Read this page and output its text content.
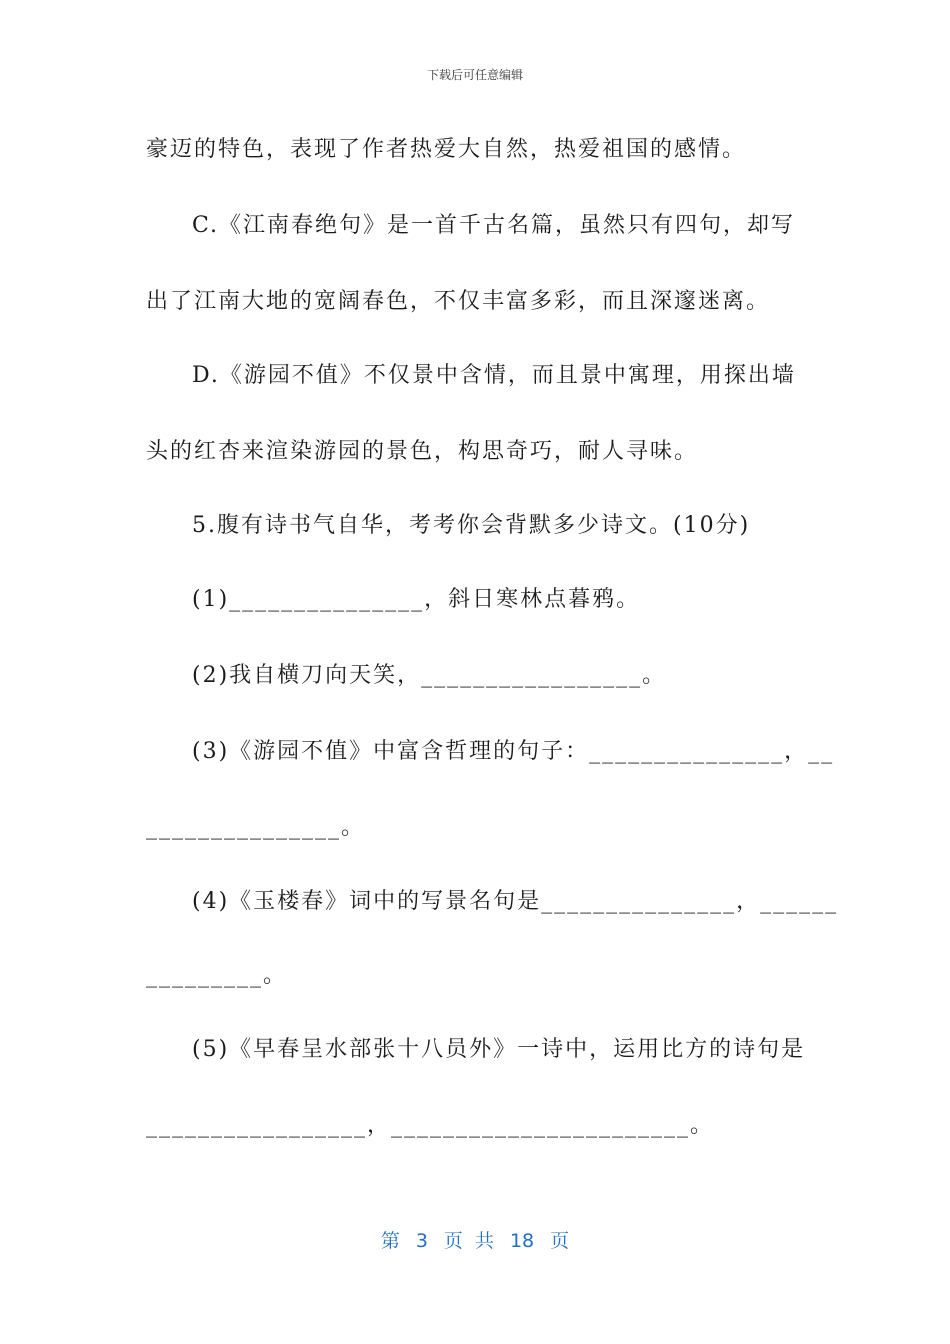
下载后可任意编辑
豪迈的特色，表现了作者热爱大自然，热爱祖国的感情。
C.《江南春绝句》是一首千古名篇，虽然只有四句，却写
出了江南大地的宽阔春色，不仅丰富多彩，而且深邃迷离。
D.《游园不值》不仅景中含情，而且景中寓理，用探出墙
头的红杏来渲染游园的景色，构思奇巧，耐人寻味。
5.腹有诗书气自华，考考你会背默多少诗文。(10分)
(1)_______________，斜日寒林点暮鸦。
(2)我自横刀向天笑，_________________。
(3)《游园不值》中富含哲理的句子：_______________，__
_______________。
(4)《玉楼春》词中的写景名句是_______________，______
_________。
(5)《早春呈水部张十八员外》一诗中，运用比方的诗句是
_________________，_______________________。
第 3 页 共 18 页
